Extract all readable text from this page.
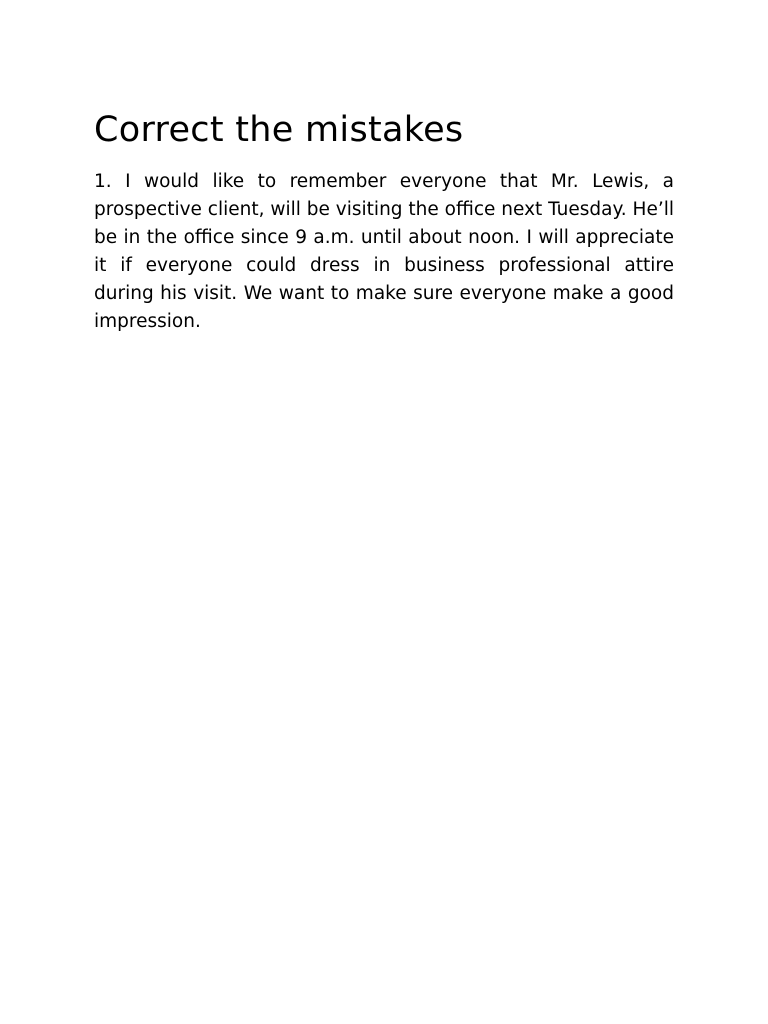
Correct the mistakes

1. I would like to remember everyone that Mr. Lewis, a prospective client, will be visiting the office next Tuesday. He’ll be in the office since 9 a.m. until about noon. I will appreciate it if everyone could dress in business professional attire during his visit. We want to make sure everyone make a good impression.
